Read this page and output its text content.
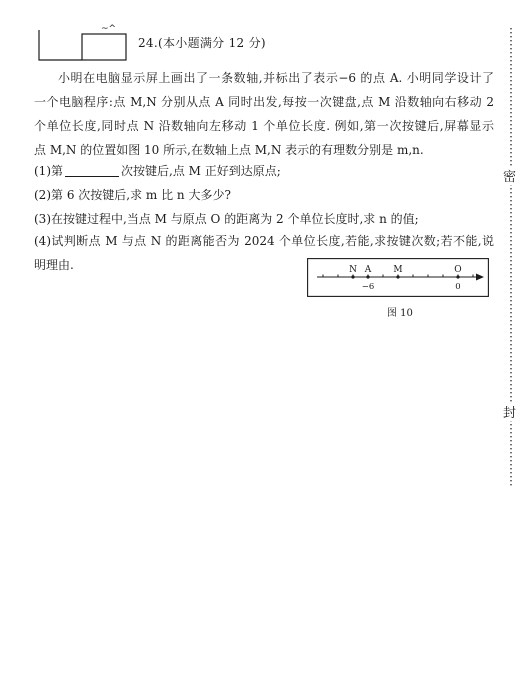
~^
24.(本小题满分 12 分)

小明在电脑显示屏上画出了一条数轴,并标出了表示−6 的点 A. 小明同学设计了

一个电脑程序:点 M,N 分别从点 A 同时出发,每按一次键盘,点 M 沿数轴向右移动 2

个单位长度,同时点 N 沿数轴向左移动 1 个单位长度. 例如,第一次按键后,屏幕显示

点 M,N 的位置如图 10 所示,在数轴上点 M,N 表示的有理数分别是 m,n.

(1)第	次按键后,点 M 正好到达原点;
(2)第 6 次按键后,求 m 比 n 大多少?
(3)在按键过程中,当点 M 与原点 O 的距离为 2 个单位长度时,求 n 的值;

(4)试判断点 M 与点 N 的距离能否为 2024 个单位长度,若能,求按键次数;若不能,说

明理由.	N A M	O
−6	0
图 10
密
封
